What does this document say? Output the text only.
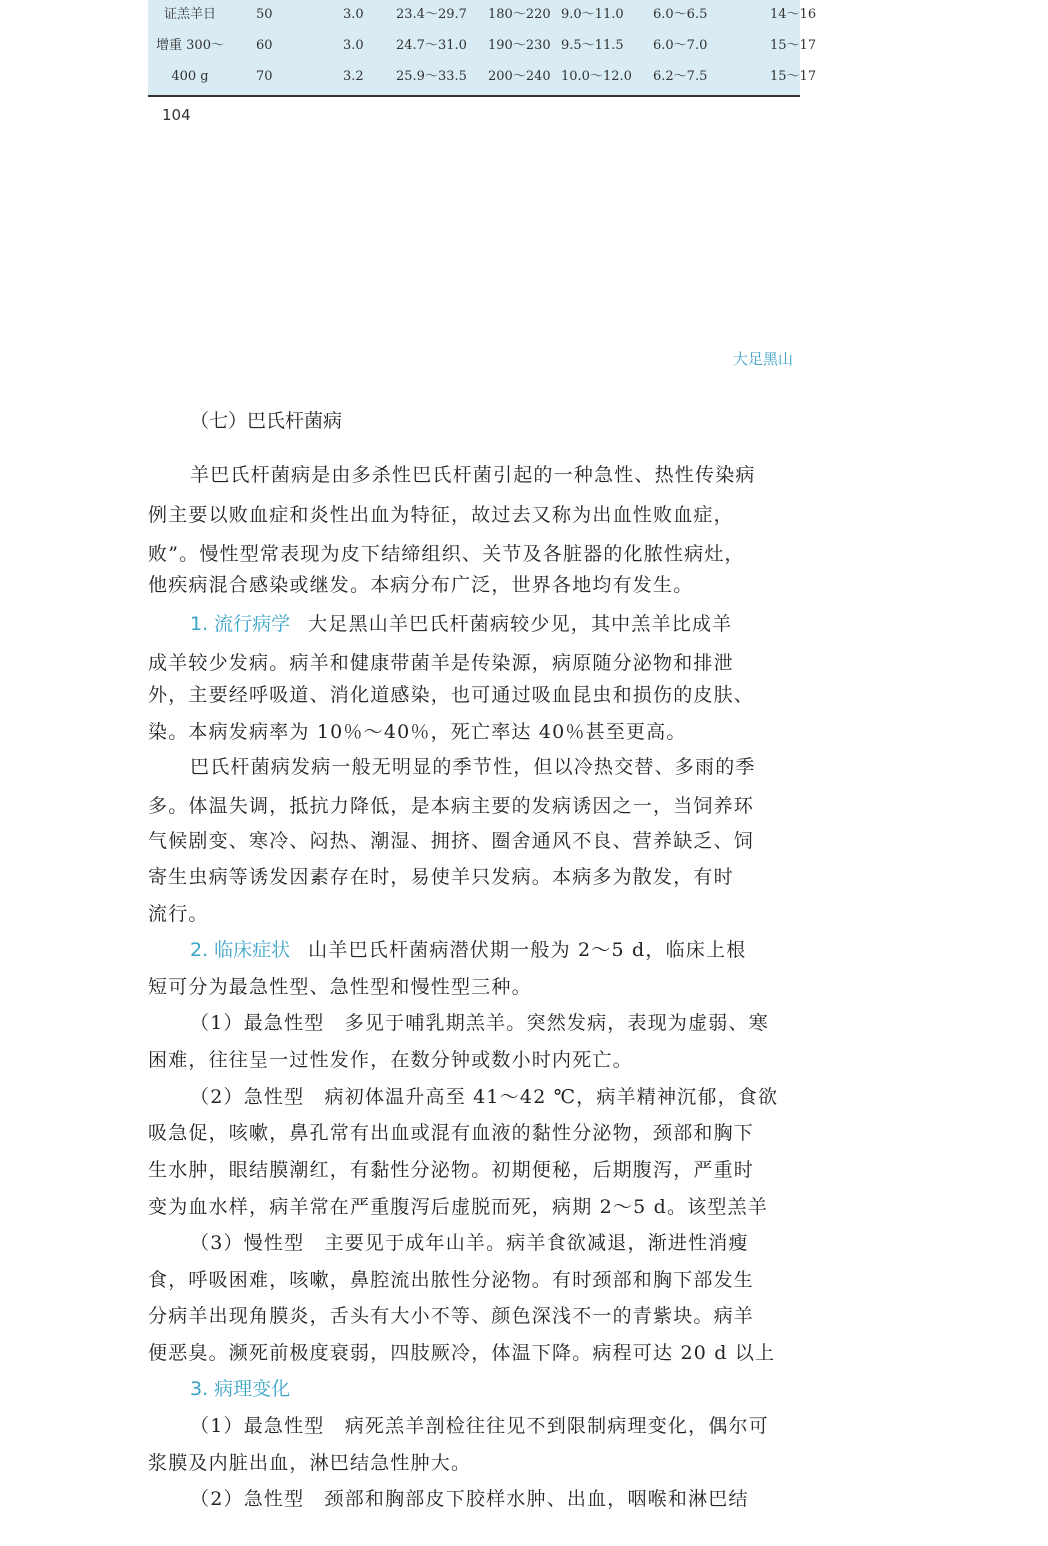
证羔羊日	50	3.0 23.4～29.7 180～220 9.0～11.0 6.0～6.5	14～16
增重 300～	60	3.0 24.7～31.0 190～230 9.5～11.5 6.0～7.0	15～17
400 g	70	3.2 25.9～33.5 200～240 10.0～12.0 6.2～7.5	15～17
104
大足黑山
（七）巴氏杆菌病
羊巴氏杆菌病是由多杀性巴氏杆菌引起的一种急性、热性传染病
例主要以败血症和炎性出血为特征，故过去又称为出血性败血症，
败”。慢性型常表现为皮下结缔组织、关节及各脏器的化脓性病灶，
他疾病混合感染或继发。本病分布广泛，世界各地均有发生。
1. 流行病学 大足黑山羊巴氏杆菌病较少见，其中羔羊比成羊
成羊较少发病。病羊和健康带菌羊是传染源，病原随分泌物和排泄
外，主要经呼吸道、消化道感染，也可通过吸血昆虫和损伤的皮肤、
染。本病发病率为 10％～40％，死亡率达 40％甚至更高。
巴氏杆菌病发病一般无明显的季节性，但以冷热交替、多雨的季
多。体温失调，抵抗力降低，是本病主要的发病诱因之一，当饲养环
气候剧变、寒冷、闷热、潮湿、拥挤、圈舍通风不良、营养缺乏、饲
寄生虫病等诱发因素存在时，易使羊只发病。本病多为散发，有时
流行。
2. 临床症状 山羊巴氏杆菌病潜伏期一般为 2～5 d，临床上根
短可分为最急性型、急性型和慢性型三种。
（1）最急性型　多见于哺乳期羔羊。突然发病，表现为虚弱、寒
困难，往往呈一过性发作，在数分钟或数小时内死亡。
（2）急性型　病初体温升高至 41～42 ℃，病羊精神沉郁，食欲
吸急促，咳嗽，鼻孔常有出血或混有血液的黏性分泌物，颈部和胸下
生水肿，眼结膜潮红，有黏性分泌物。初期便秘，后期腹泻，严重时
变为血水样，病羊常在严重腹泻后虚脱而死，病期 2～5 d。该型羔羊
（3）慢性型　主要见于成年山羊。病羊食欲减退，渐进性消瘦
食，呼吸困难，咳嗽，鼻腔流出脓性分泌物。有时颈部和胸下部发生
分病羊出现角膜炎，舌头有大小不等、颜色深浅不一的青紫块。病羊
便恶臭。濒死前极度衰弱，四肢厥冷，体温下降。病程可达 20 d 以上
3. 病理变化
（1）最急性型　病死羔羊剖检往往见不到限制病理变化，偶尔可
浆膜及内脏出血，淋巴结急性肿大。
（2）急性型　颈部和胸部皮下胶样水肿、出血，咽喉和淋巴结
